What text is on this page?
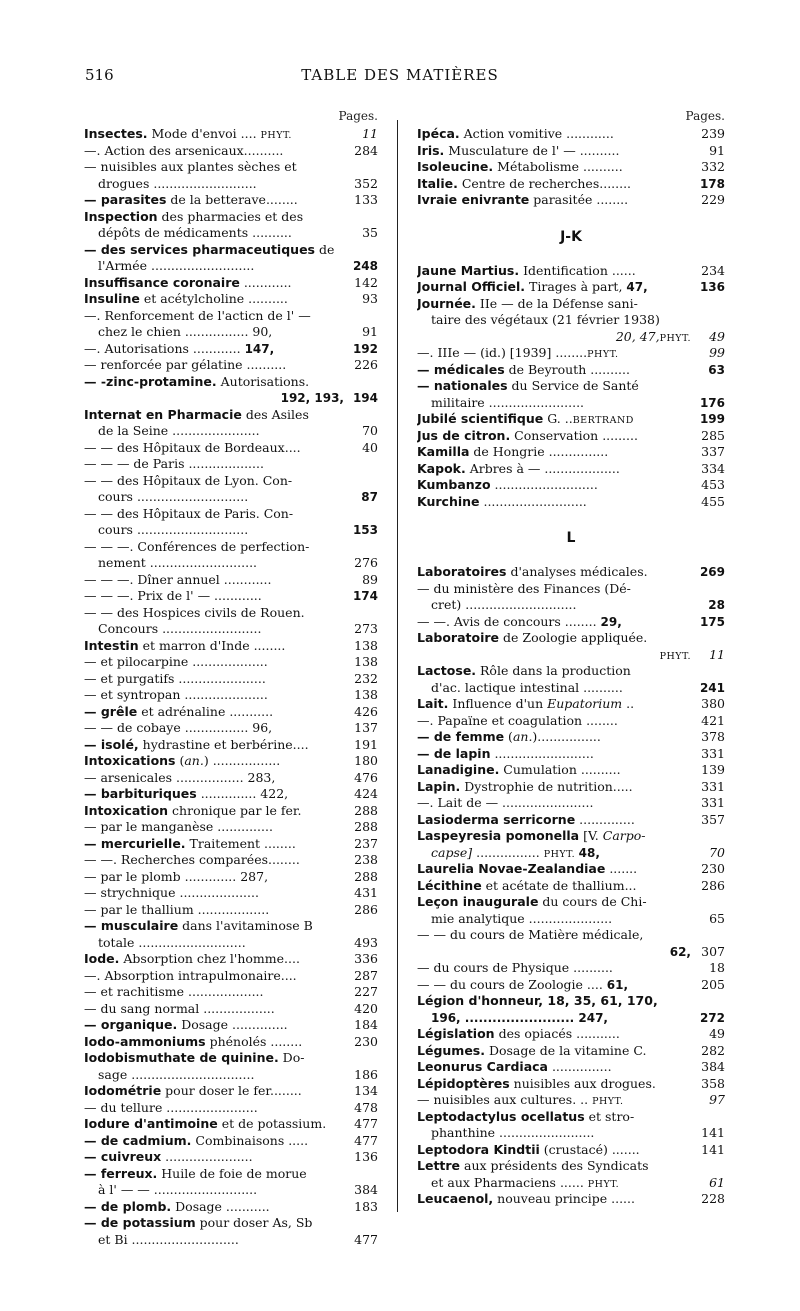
516	TABLE DES MATIÈRES
Pages.
Insectes. Mode d'envoi .... PHYT.	11
—. Action des arsenicaux..........	284
— nuisibles aux plantes sèches et
drogues ..........................	352
— parasites de la betterave........	133
Inspection des pharmacies et des
dépôts de médicaments ..........	35
— des services pharmaceutiques de
l'Armée ..........................	248
Insuffisance coronaire ............	142
Insuline et acétylcholine ..........	93
—. Renforcement de l'acticn de l' —
chez le chien ................ 90,	91
—. Autorisations ............ 147,	192
— renforcée par gélatine ..........	226
— -zinc-protamine. Autorisations.
192, 193, 194
Internat en Pharmacie des Asiles
de la Seine ......................	70
— — des Hôpitaux de Bordeaux....	40
— — — de Paris ...................
— — des Hôpitaux de Lyon. Con-
cours ............................	87
— — des Hôpitaux de Paris. Con-
cours ............................	153
— — —. Conférences de perfection-
nement ...........................	276
— — —. Dîner annuel ............	89
— — —. Prix de l' — ............	174
— — des Hospices civils de Rouen.
Concours .........................	273
Intestin et marron d'Inde ........	138
— et pilocarpine ...................	138
— et purgatifs ......................	232
— et syntropan .....................	138
— grêle et adrénaline ...........	426
— — de cobaye ................ 96,	137
— isolé, hydrastine et berbérine....	191
Intoxications (an.) .................	180
— arsenicales ................. 283,	476
— barbituriques .............. 422,	424
Intoxication chronique par le fer.	288
— par le manganèse ..............	288
— mercurielle. Traitement ........	237
— —. Recherches comparées........	238
— par le plomb ............. 287,	288
— strychnique ....................	431
— par le thallium ..................	286
— musculaire dans l'avitaminose B
totale ...........................	493
Iode. Absorption chez l'homme....	336
—. Absorption intrapulmonaire....	287
— et rachitisme ...................	227
— du sang normal ..................	420
— organique. Dosage ..............	184
Iodo-ammoniums phénolés ........	230
Iodobismuthate de quinine. Do-
sage ...............................	186
Iodométrie pour doser le fer........	134
— du tellure .......................	478
Iodure d'antimoine et de potassium. 477
— de cadmium. Combinaisons .....	477
— cuivreux ......................	136
— ferreux. Huile de foie de morue
à l' — — ..........................	384
— de plomb. Dosage ...........	183
— de potassium pour doser As, Sb
et Bi ...........................	477
Pages.
Ipéca. Action vomitive ............	239
Iris. Musculature de l' — ..........	91
Isoleucine. Métabolisme ..........	332
Italie. Centre de recherches........	178
Ivraie enivrante parasitée ........	229
J-K
Jaune Martius. Identification ......	234
Journal Officiel. Tirages à part, 47,	136
Journée. IIe — de la Défense sani-
taire des végétaux (21 février 1938)
20, 47,PHYT. 49
—. IIIe — (id.) [1939] ........PHYT.	99
— médicales de Beyrouth ..........	63
— nationales du Service de Santé
militaire ........................	176
Jubilé scientifique G. ..BERTRAND	199
Jus de citron. Conservation .........	285
Kamilla de Hongrie ...............	337
Kapok. Arbres à — ...................	334
Kumbanzo ..........................	453
Kurchine ..........................	455
L
Laboratoires d'analyses médicales.	269
— du ministère des Finances (Dé-
cret) ............................	28
— —. Avis de concours ........ 29,	175
Laboratoire de Zoologie appliquée.
PHYT. 11
Lactose. Rôle dans la production
d'ac. lactique intestinal ..........	241
Lait. Influence d'un Eupatorium ..	380
—. Papaïne et coagulation ........	421
— de femme (an.)................	378
— de lapin .........................	331
Lanadigine. Cumulation ..........	139
Lapin. Dystrophie de nutrition.....	331
—. Lait de — .......................	331
Lasioderma serricorne ..............	357
Laspeyresia pomonella [V. Carpo-
capse] ................ PHYT. 48,	70
Laurelia Novae-Zealandiae .......	230
Lécithine et acétate de thallium...	286
Leçon inaugurale du cours de Chi-
mie analytique .....................	65
— — du cours de Matière médicale,
62, 307
— du cours de Physique ..........	18
— — du cours de Zoologie .... 61,	205
Légion d'honneur, 18, 35, 61, 170,
196, ........................ 247,	272
Législation des opiacés ...........	49
Légumes. Dosage de la vitamine C.	282
Leonurus Cardiaca ...............	384
Lépidoptères nuisibles aux drogues.	358
— nuisibles aux cultures. .. PHYT.	97
Leptodactylus ocellatus et stro-
phanthine ........................	141
Leptodora Kindtii (crustacé) .......	141
Lettre aux présidents des Syndicats
et aux Pharmaciens ...... PHYT.	61
Leucaenol, nouveau principe ......	228
